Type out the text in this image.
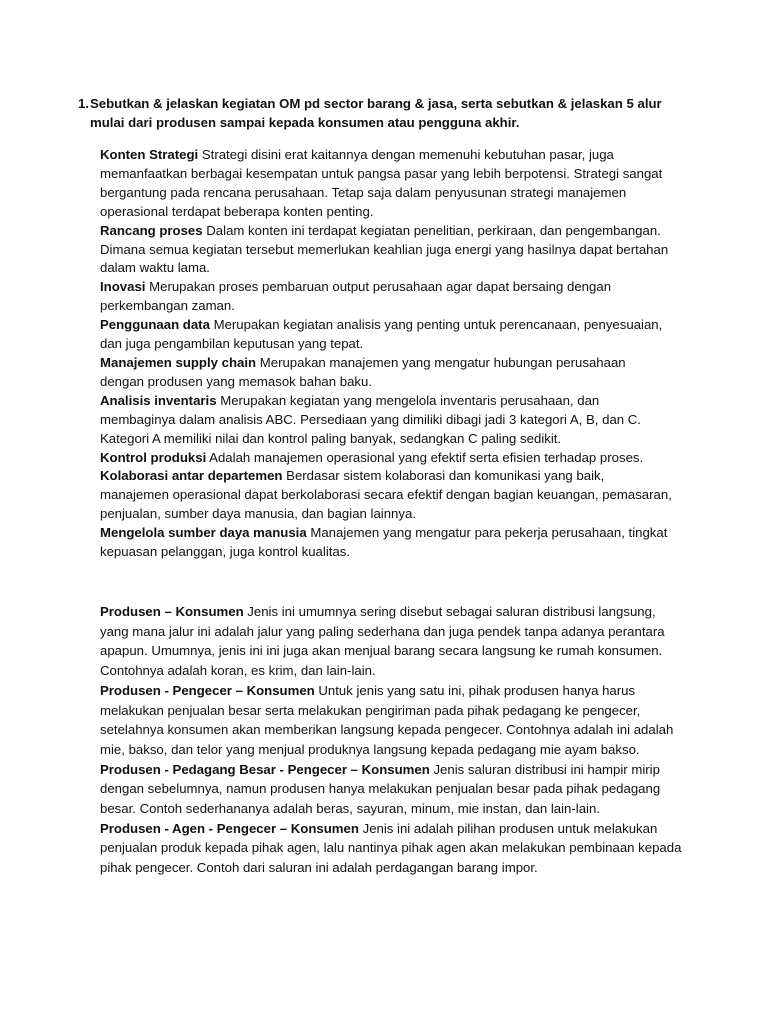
1. Sebutkan & jelaskan kegiatan OM pd sector barang & jasa, serta sebutkan & jelaskan 5 alur mulai dari produsen sampai kepada konsumen atau pengguna akhir.

Konten Strategi Strategi disini erat kaitannya dengan memenuhi kebutuhan pasar, juga memanfaatkan berbagai kesempatan untuk pangsa pasar yang lebih berpotensi. Strategi sangat bergantung pada rencana perusahaan. Tetap saja dalam penyusunan strategi manajemen operasional terdapat beberapa konten penting.

Rancang proses Dalam konten ini terdapat kegiatan penelitian, perkiraan, dan pengembangan. Dimana semua kegiatan tersebut memerlukan keahlian juga energi yang hasilnya dapat bertahan dalam waktu lama.

Inovasi Merupakan proses pembaruan output perusahaan agar dapat bersaing dengan perkembangan zaman.

Penggunaan data Merupakan kegiatan analisis yang penting untuk perencanaan, penyesuaian, dan juga pengambilan keputusan yang tepat.

Manajemen supply chain Merupakan manajemen yang mengatur hubungan perusahaan dengan produsen yang memasok bahan baku.

Analisis inventaris Merupakan kegiatan yang mengelola inventaris perusahaan, dan membaginya dalam analisis ABC. Persediaan yang dimiliki dibagi jadi 3 kategori A, B, dan C. Kategori A memiliki nilai dan kontrol paling banyak, sedangkan C paling sedikit.

Kontrol produksi Adalah manajemen operasional yang efektif serta efisien terhadap proses.

Kolaborasi antar departemen Berdasar sistem kolaborasi dan komunikasi yang baik, manajemen operasional dapat berkolaborasi secara efektif dengan bagian keuangan, pemasaran, penjualan, sumber daya manusia, dan bagian lainnya.

Mengelola sumber daya manusia Manajemen yang mengatur para pekerja perusahaan, tingkat kepuasan pelanggan, juga kontrol kualitas.

Produsen – Konsumen Jenis ini umumnya sering disebut sebagai saluran distribusi langsung, yang mana jalur ini adalah jalur yang paling sederhana dan juga pendek tanpa adanya perantara apapun. Umumnya, jenis ini ini juga akan menjual barang secara langsung ke rumah konsumen. Contohnya adalah koran, es krim, dan lain-lain.

Produsen - Pengecer – Konsumen Untuk jenis yang satu ini, pihak produsen hanya harus melakukan penjualan besar serta melakukan pengiriman pada pihak pedagang ke pengecer, setelahnya konsumen akan memberikan langsung kepada pengecer. Contohnya adalah ini adalah mie, bakso, dan telor yang menjual produknya langsung kepada pedagang mie ayam bakso.

Produsen - Pedagang Besar - Pengecer – Konsumen Jenis saluran distribusi ini hampir mirip dengan sebelumnya, namun produsen hanya melakukan penjualan besar pada pihak pedagang besar. Contoh sederhananya adalah beras, sayuran, minum, mie instan, dan lain-lain.

Produsen - Agen - Pengecer – Konsumen Jenis ini adalah pilihan produsen untuk melakukan penjualan produk kepada pihak agen, lalu nantinya pihak agen akan melakukan pembinaan kepada pihak pengecer. Contoh dari saluran ini adalah perdagangan barang impor.
